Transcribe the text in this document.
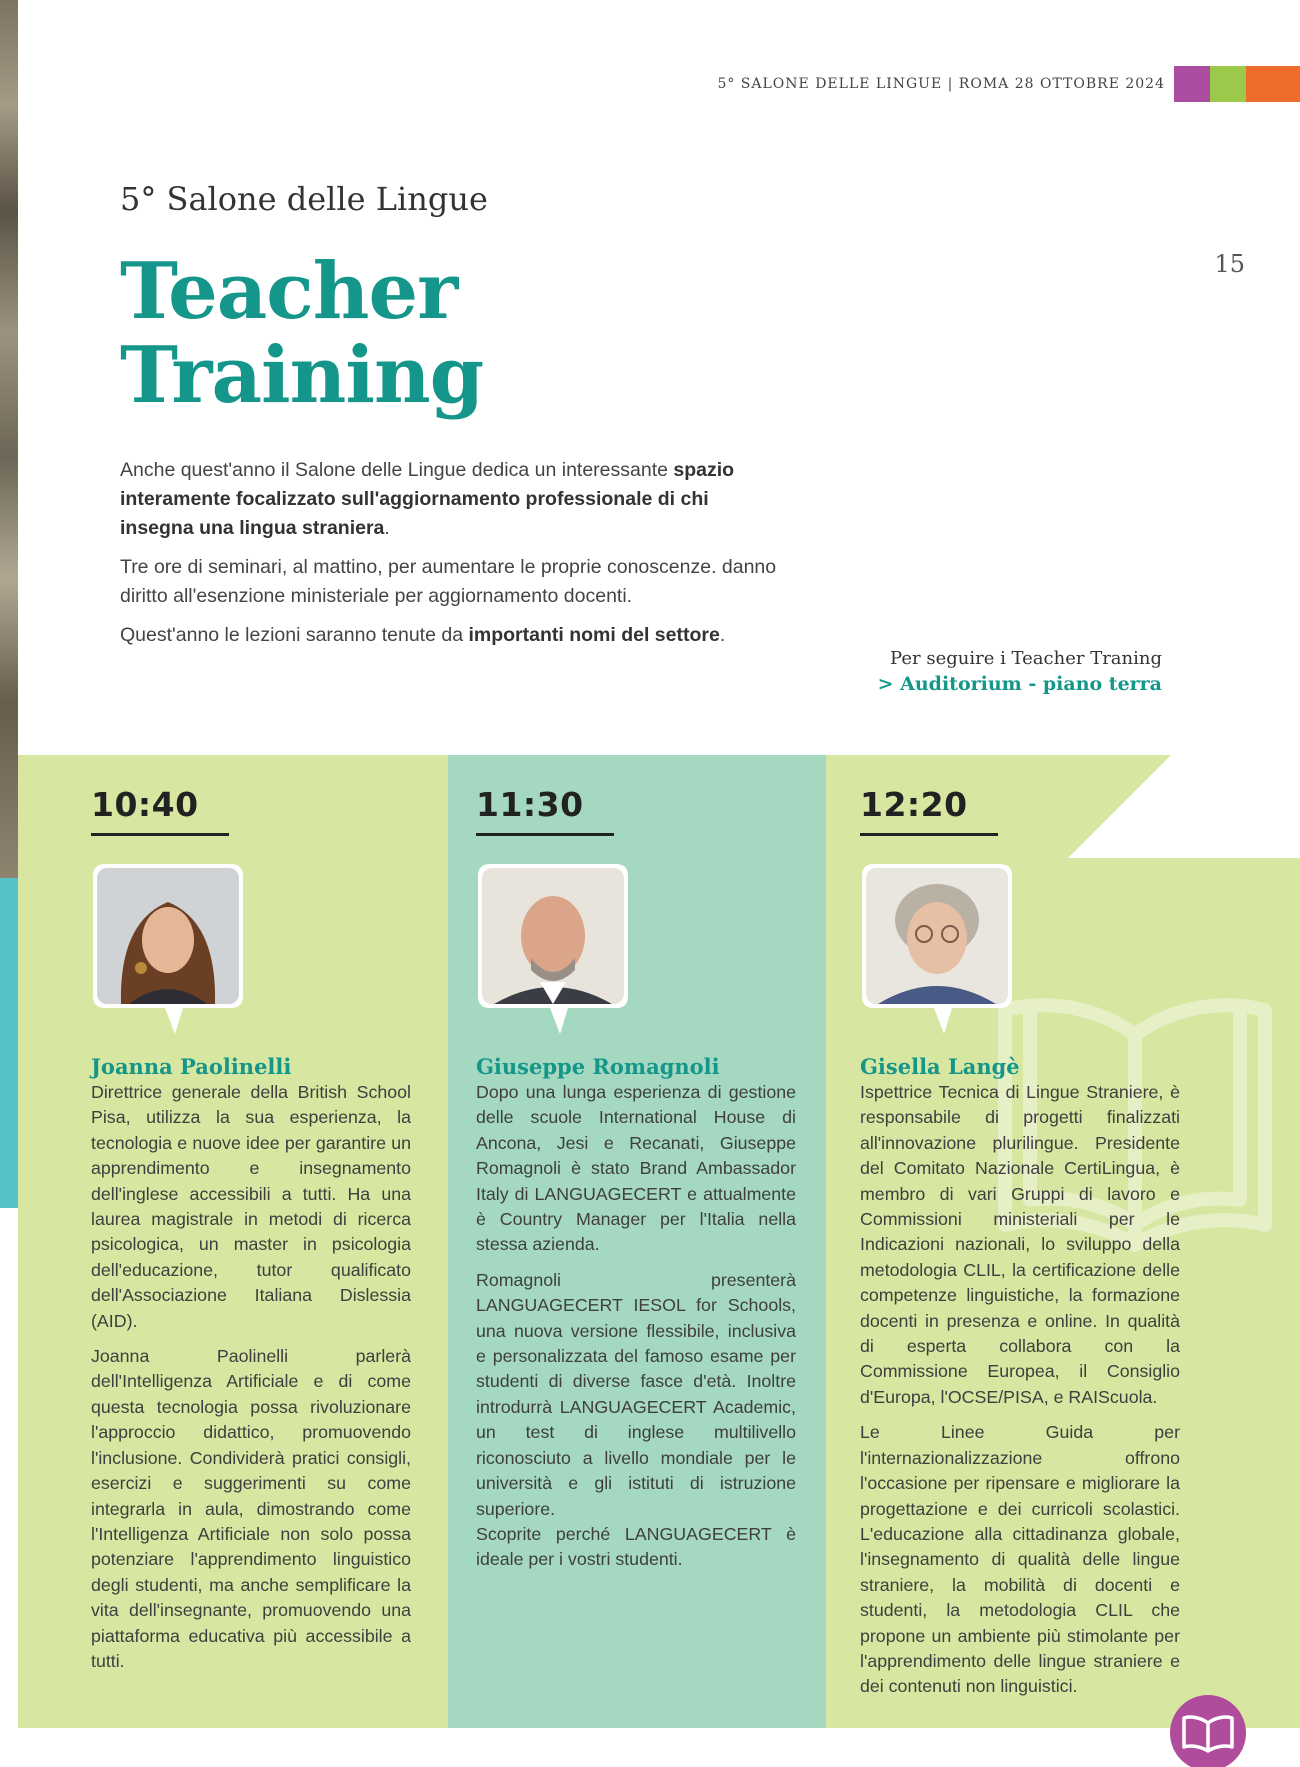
5° SALONE DELLE LINGUE | ROMA 28 OTTOBRE 2024
5° Salone delle Lingue
15
Teacher
Training

Anche quest'anno il Salone delle Lingue dedica un interessante spazio interamente focalizzato sull'aggiornamento professionale di chi insegna una lingua straniera.

Tre ore di seminari, al mattino, per aumentare le proprie conoscenze. danno diritto all'esenzione ministeriale per aggiornamento docenti.

Quest'anno le lezioni saranno tenute da importanti nomi del settore.

Per seguire i Teacher Traning
> Auditorium - piano terra
10:40
Joanna Paolinelli

Direttrice generale della British School Pisa, utilizza la sua esperienza, la tecnologia e nuove idee per garantire un apprendimento e insegnamento dell'inglese accessibili a tutti. Ha una laurea magistrale in metodi di ricerca psicologica, un master in psicologia dell'educazione, tutor qualificato dell'Associazione Italiana Dislessia (AID).

Joanna Paolinelli parlerà dell'Intelligenza Artificiale e di come questa tecnologia possa rivoluzionare l'approccio didattico, promuovendo l'inclusione. Condividerà pratici consigli, esercizi e suggerimenti su come integrarla in aula, dimostrando come l'Intelligenza Artificiale non solo possa potenziare l'apprendimento linguistico degli studenti, ma anche semplificare la vita dell'insegnante, promuovendo una piattaforma educativa più accessibile a tutti.

11:30
Giuseppe Romagnoli

Dopo una lunga esperienza di gestione delle scuole International House di Ancona, Jesi e Recanati, Giuseppe Romagnoli è stato Brand Ambassador Italy di LANGUAGECERT e attualmente è Country Manager per l'Italia nella stessa azienda.

Romagnoli presenterà LANGUAGECERT IESOL for Schools, una nuova versione flessibile, inclusiva e personalizzata del famoso esame per studenti di diverse fasce d'età. Inoltre introdurrà LANGUAGECERT Academic, un test di inglese multilivello riconosciuto a livello mondiale per le università e gli istituti di istruzione superiore.
Scoprite perché LANGUAGECERT è ideale per i vostri studenti.

12:20
Gisella Langè

Ispettrice Tecnica di Lingue Straniere, è responsabile di progetti finalizzati all'innovazione plurilingue. Presidente del Comitato Nazionale CertiLingua, è membro di vari Gruppi di lavoro e Commissioni ministeriali per le Indicazioni nazionali, lo sviluppo della metodologia CLIL, la certificazione delle competenze linguistiche, la formazione docenti in presenza e online. In qualità di esperta collabora con la Commissione Europea, il Consiglio d'Europa, l'OCSE/PISA, e RAIScuola.

Le Linee Guida per l'internazionalizzazione offrono l'occasione per ripensare e migliorare la progettazione e dei curricoli scolastici. L'educazione alla cittadinanza globale, l'insegnamento di qualità delle lingue straniere, la mobilità di docenti e studenti, la metodologia CLIL che propone un ambiente più stimolante per l'apprendimento delle lingue straniere e dei contenuti non linguistici.
